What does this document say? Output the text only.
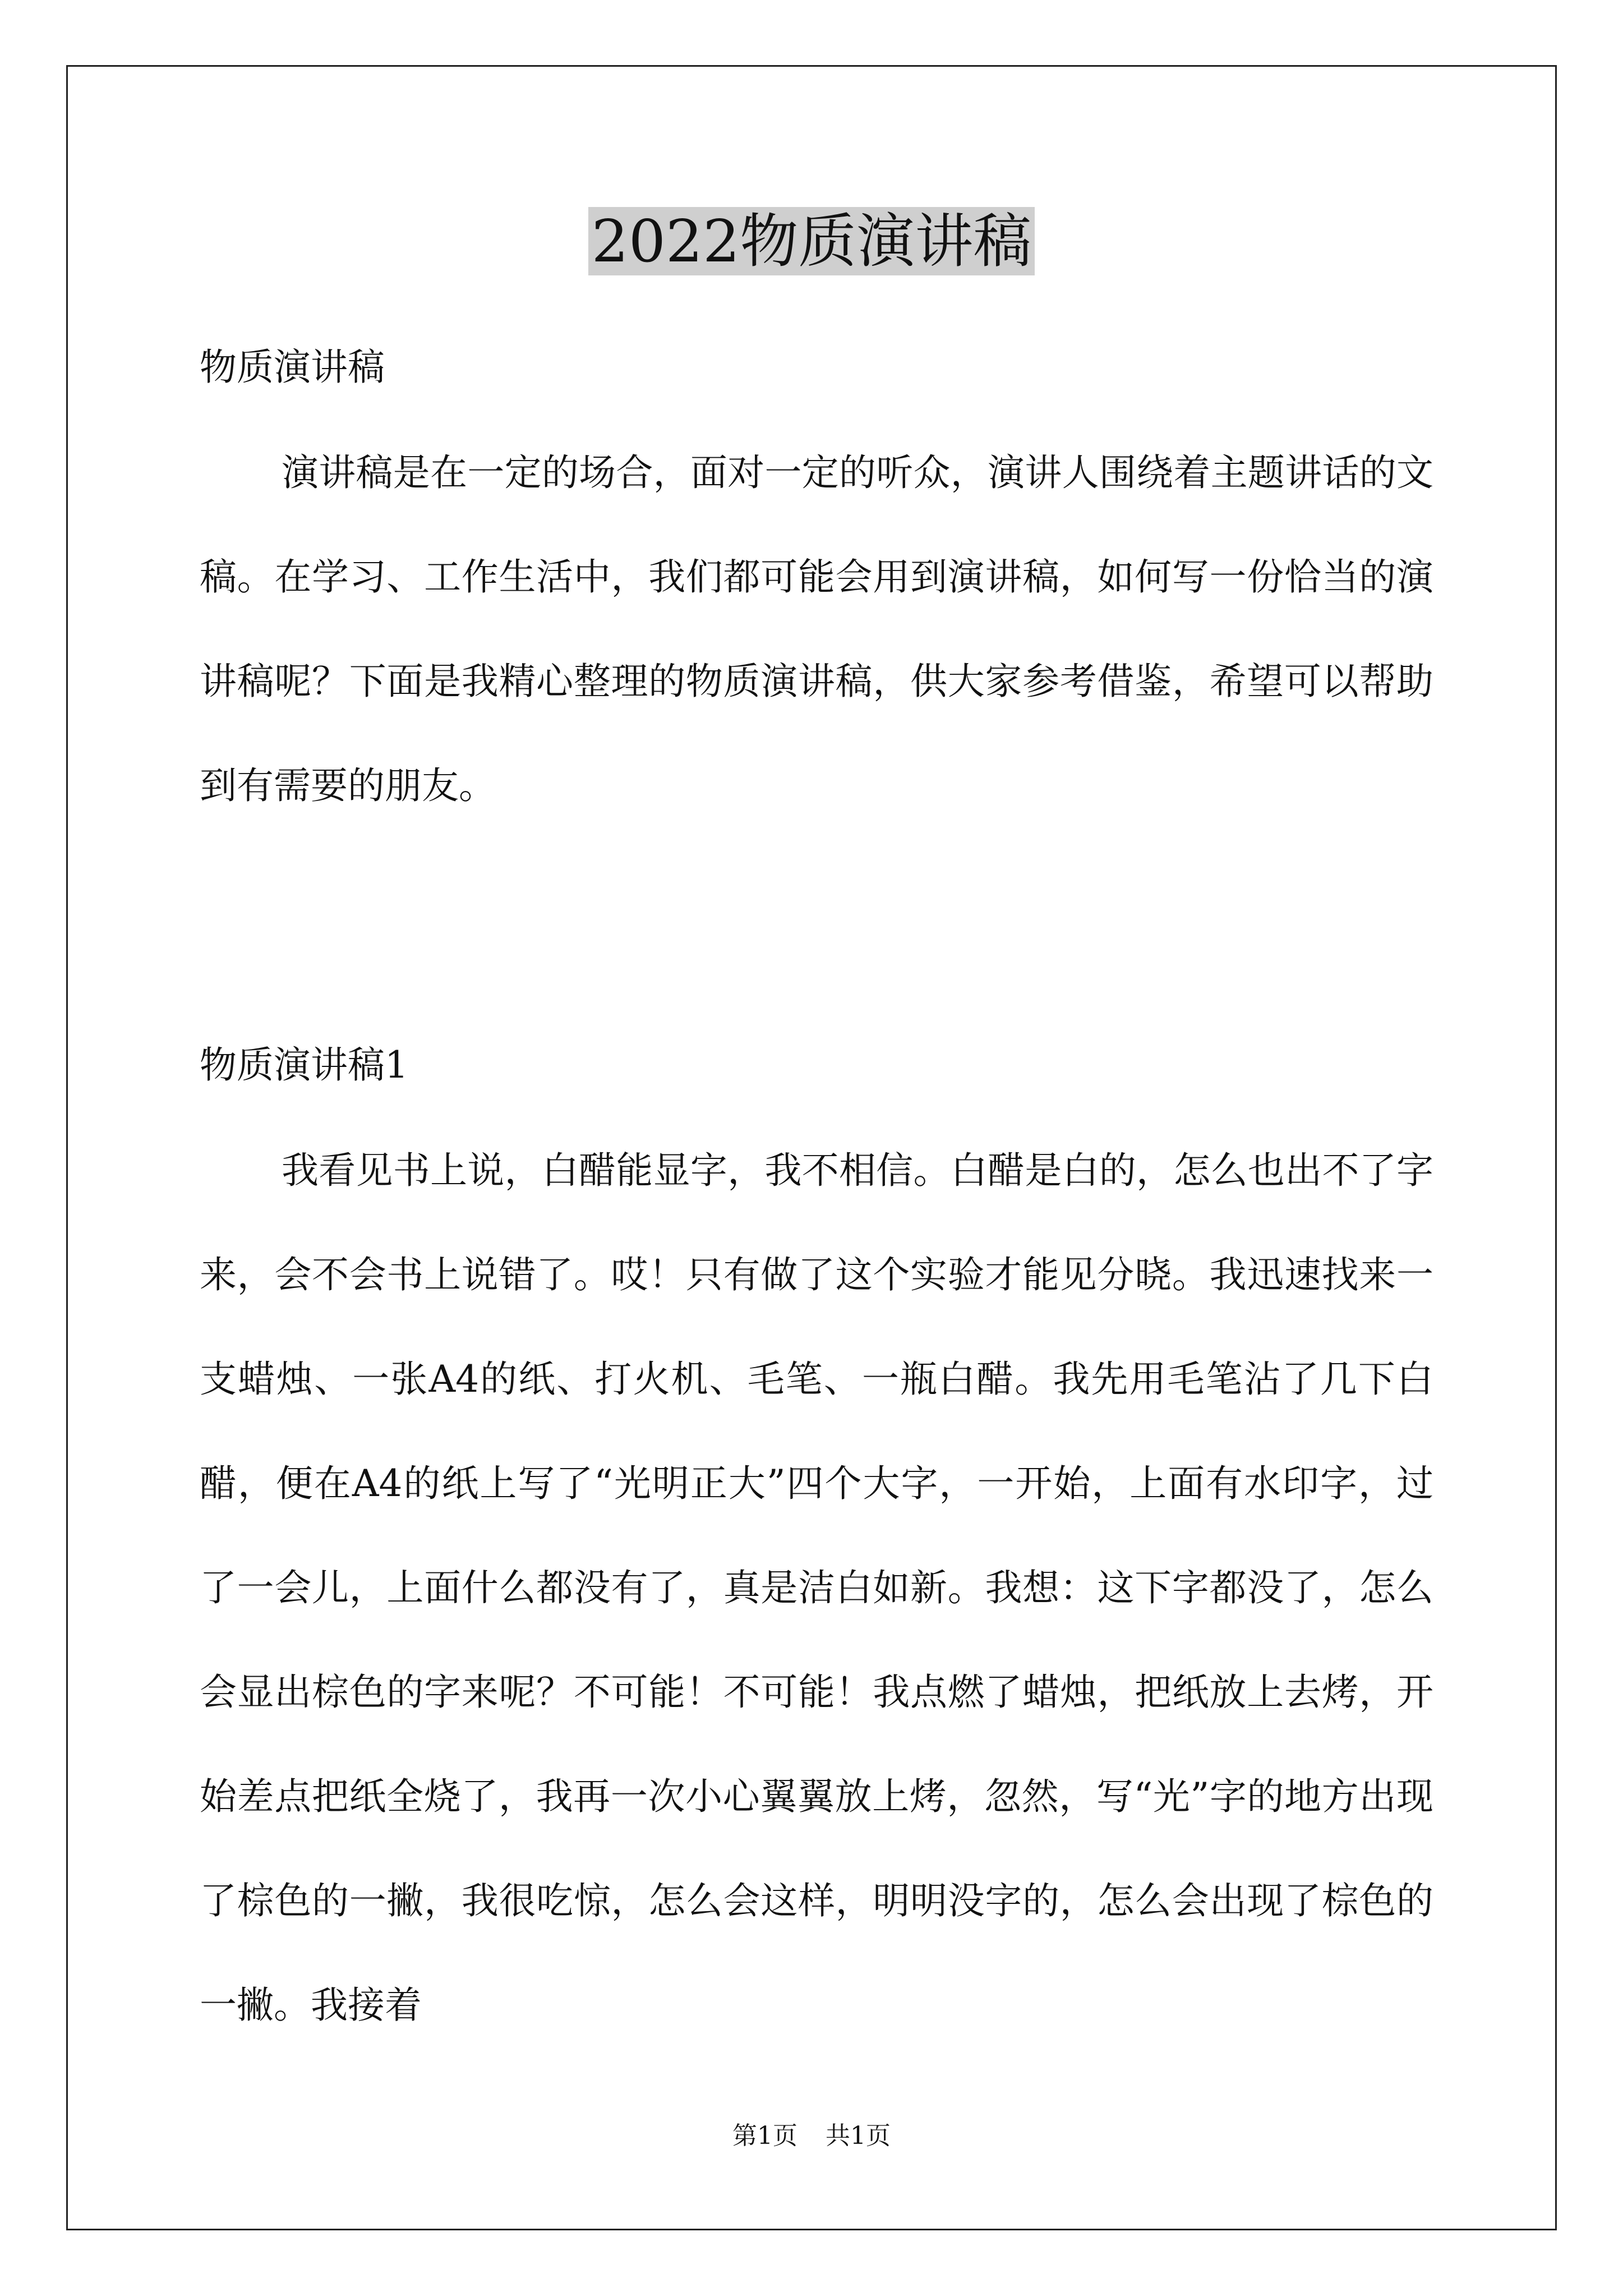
2022物质演讲稿

物质演讲稿

演讲稿是在一定的场合，面对一定的听众，演讲人围绕着主题讲话的文稿。在学习、工作生活中，我们都可能会用到演讲稿，如何写一份恰当的演讲稿呢？下面是我精心整理的物质演讲稿，供大家参考借鉴，希望可以帮助到有需要的朋友。

物质演讲稿1

我看见书上说，白醋能显字，我不相信。白醋是白的，怎么也出不了字来，会不会书上说错了。哎！只有做了这个实验才能见分晓。我迅速找来一支蜡烛、一张A4的纸、打火机、毛笔、一瓶白醋。我先用毛笔沾了几下白醋，便在A4的纸上写了“光明正大”四个大字，一开始，上面有水印字，过了一会儿，上面什么都没有了，真是洁白如新。我想：这下字都没了，怎么会显出棕色的字来呢？不可能！不可能！我点燃了蜡烛，把纸放上去烤，开始差点把纸全烧了，我再一次小心翼翼放上烤，忽然，写“光”字的地方出现了棕色的一撇，我很吃惊，怎么会这样，明明没字的，怎么会出现了棕色的一撇。我接着

第1页 共1页
